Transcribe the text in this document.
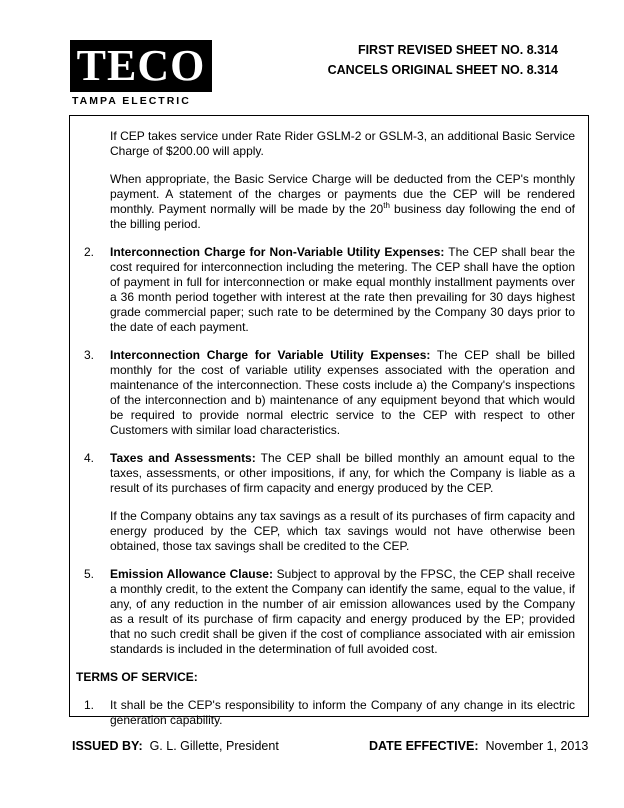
TECO
TAMPA ELECTRIC
FIRST REVISED SHEET NO. 8.314
CANCELS ORIGINAL SHEET NO. 8.314

If CEP takes service under Rate Rider GSLM-2 or GSLM-3, an additional Basic Service Charge of $200.00 will apply.

When appropriate, the Basic Service Charge will be deducted from the CEP's monthly payment. A statement of the charges or payments due the CEP will be rendered monthly. Payment normally will be made by the 20th business day following the end of the billing period.

2.	Interconnection Charge for Non-Variable Utility Expenses: The CEP shall bear the cost required for interconnection including the metering. The CEP shall have the option of payment in full for interconnection or make equal monthly installment payments over a 36 month period together with interest at the rate then prevailing for 30 days highest grade commercial paper; such rate to be determined by the Company 30 days prior to the date of each payment.
3.	Interconnection Charge for Variable Utility Expenses: The CEP shall be billed monthly for the cost of variable utility expenses associated with the operation and maintenance of the interconnection. These costs include a) the Company's inspections of the interconnection and b) maintenance of any equipment beyond that which would be required to provide normal electric service to the CEP with respect to other Customers with similar load characteristics.
4.	Taxes and Assessments: The CEP shall be billed monthly an amount equal to the taxes, assessments, or other impositions, if any, for which the Company is liable as a result of its purchases of firm capacity and energy produced by the CEP.
If the Company obtains any tax savings as a result of its purchases of firm capacity and energy produced by the CEP, which tax savings would not have otherwise been obtained, those tax savings shall be credited to the CEP.
5.	Emission Allowance Clause: Subject to approval by the FPSC, the CEP shall receive a monthly credit, to the extent the Company can identify the same, equal to the value, if any, of any reduction in the number of air emission allowances used by the Company as a result of its purchase of firm capacity and energy produced by the EP; provided that no such credit shall be given if the cost of compliance associated with air emission standards is included in the determination of full avoided cost.
TERMS OF SERVICE:
1.	It shall be the CEP's responsibility to inform the Company of any change in its electric generation capability.
ISSUED BY: G. L. Gillette, President	DATE EFFECTIVE: November 1, 2013
